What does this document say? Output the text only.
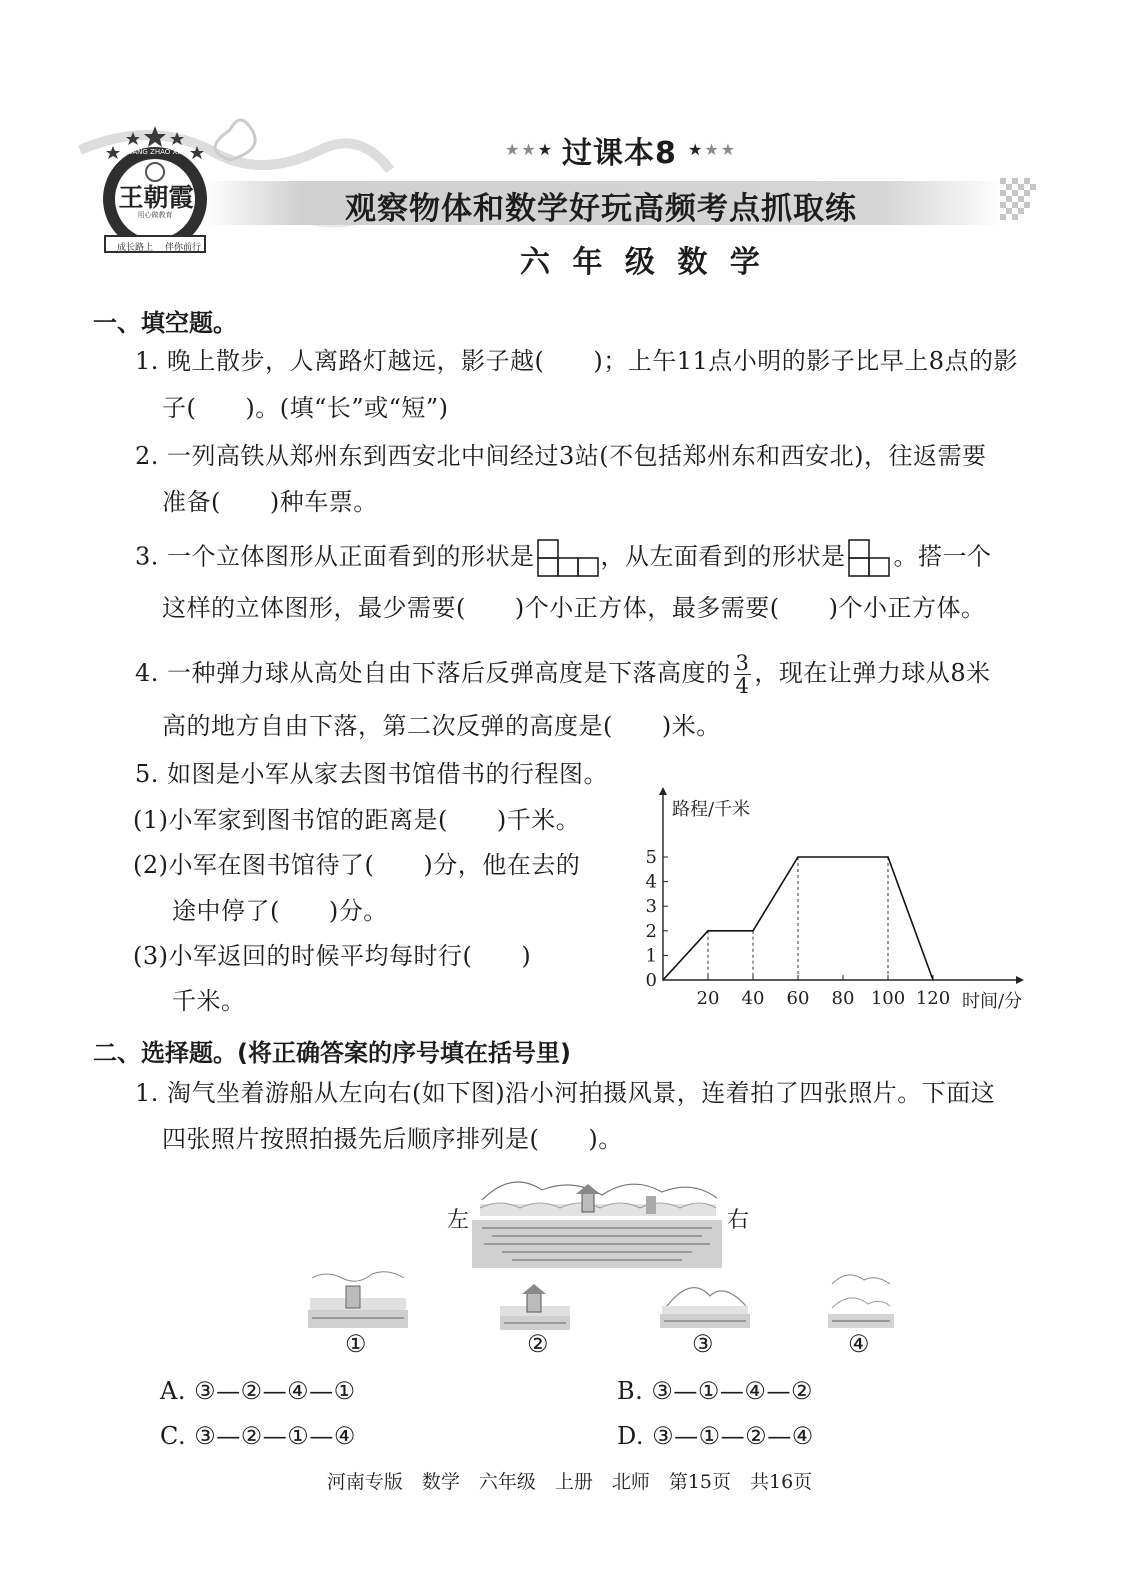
王朝霞
WANG ZHAO XIA
用心做教育
成长路上	伴你前行
★★★ 过课本8 ★★★
观察物体和数学好玩高频考点抓取练
六 年 级 数 学
一、填空题。
1. 晚上散步，人离路灯越远，影子越(　　)；上午11点小明的影子比早上8点的影
子(　　)。(填“长”或“短”)
2. 一列高铁从郑州东到西安北中间经过3站(不包括郑州东和西安北)，往返需要
准备(　　)种车票。
3. 一个立体图形从正面看到的形状是	，从左面看到的形状是 。搭一个
这样的立体图形，最少需要(　　)个小正方体，最多需要(　　)个小正方体。
4. 一种弹力球从高处自由下落后反弹高度是下落高度的 $\frac{3}{4}$ ，现在让弹力球从8米
高的地方自由下落，第二次反弹的高度是(　　)米。
5. 如图是小军从家去图书馆借书的行程图。
(1)小军家到图书馆的距离是(　　)千米。
(2)小军在图书馆待了(　　)分，他在去的
途中停了(　　)分。
(3)小军返回的时候平均每时行(　　)
千米。
路程/千米
时间/分
0
1
2
3
4
5
20 40 60 80 100 120
二、选择题。(将正确答案的序号填在括号里)
1. 淘气坐着游船从左向右(如下图)沿小河拍摄风景，连着拍了四张照片。下面这
四张照片按照拍摄先后顺序排列是(　　)。
左	右
①	②	③	④
A. ③—②—④—①	B. ③—①—④—②
C. ③—②—①—④	D. ③—①—②—④
河南专版　数学　六年级　上册　北师　第15页　共16页
